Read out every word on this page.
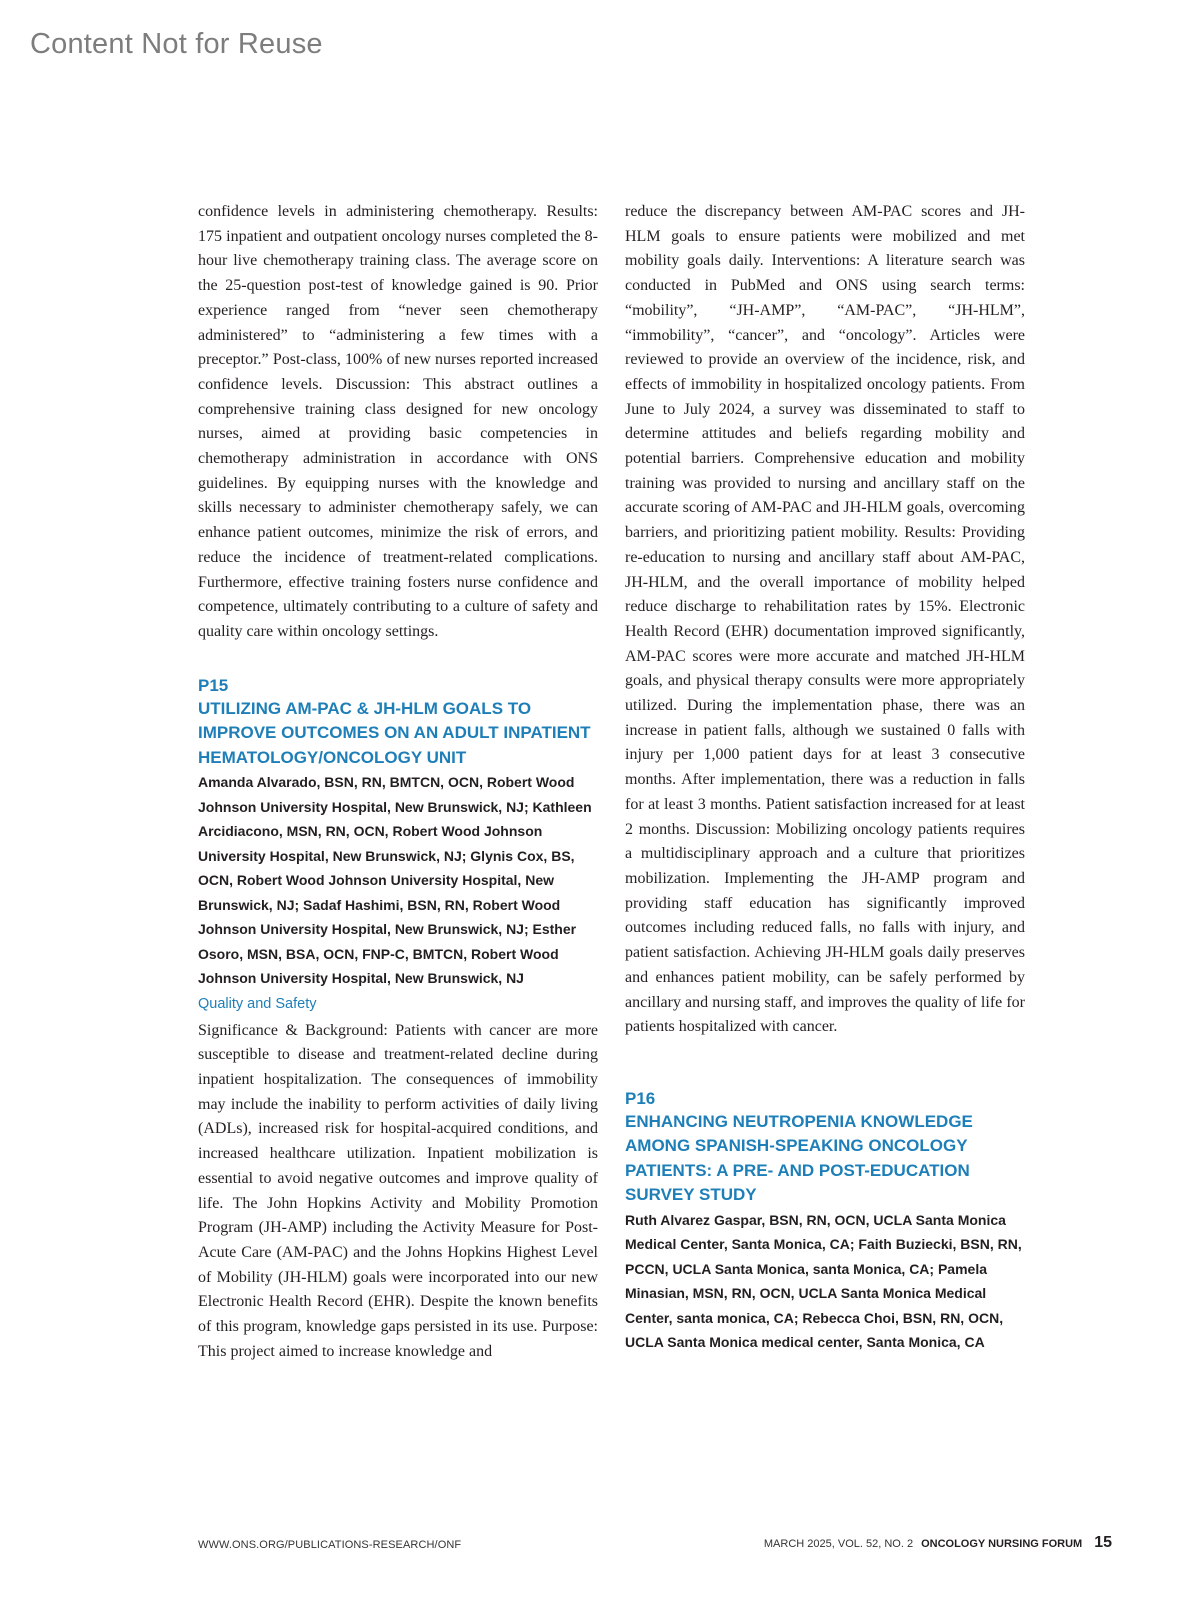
Content Not for Reuse

confidence levels in administering chemotherapy. Results: 175 inpatient and outpatient oncology nurses completed the 8-hour live chemotherapy training class. The average score on the 25-question post-test of knowledge gained is 90. Prior experience ranged from “never seen chemotherapy administered” to “administering a few times with a preceptor.” Post-class, 100% of new nurses reported increased confidence levels. Discussion: This abstract outlines a comprehensive training class designed for new oncology nurses, aimed at providing basic competencies in chemotherapy administration in accordance with ONS guidelines. By equipping nurses with the knowledge and skills necessary to administer chemotherapy safely, we can enhance patient outcomes, minimize the risk of errors, and reduce the incidence of treatment-related complications. Furthermore, effective training fosters nurse confidence and competence, ultimately contributing to a culture of safety and quality care within oncology settings.

P15

UTILIZING AM-PAC & JH-HLM GOALS TO IMPROVE OUTCOMES ON AN ADULT INPATIENT HEMATOLOGY/ONCOLOGY UNIT

Amanda Alvarado, BSN, RN, BMTCN, OCN, Robert Wood Johnson University Hospital, New Brunswick, NJ; Kathleen Arcidiacono, MSN, RN, OCN, Robert Wood Johnson University Hospital, New Brunswick, NJ; Glynis Cox, BS, OCN, Robert Wood Johnson University Hospital, New Brunswick, NJ; Sadaf Hashimi, BSN, RN, Robert Wood Johnson University Hospital, New Brunswick, NJ; Esther Osoro, MSN, BSA, OCN, FNP-C, BMTCN, Robert Wood Johnson University Hospital, New Brunswick, NJ

Quality and Safety

Significance & Background: Patients with cancer are more susceptible to disease and treatment-related decline during inpatient hospitalization. The consequences of immobility may include the inability to perform activities of daily living (ADLs), increased risk for hospital-acquired conditions, and increased healthcare utilization. Inpatient mobilization is essential to avoid negative outcomes and improve quality of life. The John Hopkins Activity and Mobility Promotion Program (JH-AMP) including the Activity Measure for Post-Acute Care (AM-PAC) and the Johns Hopkins Highest Level of Mobility (JH-HLM) goals were incorporated into our new Electronic Health Record (EHR). Despite the known benefits of this program, knowledge gaps persisted in its use. Purpose: This project aimed to increase knowledge and

reduce the discrepancy between AM-PAC scores and JH-HLM goals to ensure patients were mobilized and met mobility goals daily. Interventions: A literature search was conducted in PubMed and ONS using search terms: “mobility”, “JH-AMP”, “AM-PAC”, “JH-HLM”, “immobility”, “cancer”, and “oncology”. Articles were reviewed to provide an overview of the incidence, risk, and effects of immobility in hospitalized oncology patients. From June to July 2024, a survey was disseminated to staff to determine attitudes and beliefs regarding mobility and potential barriers. Comprehensive education and mobility training was provided to nursing and ancillary staff on the accurate scoring of AM-PAC and JH-HLM goals, overcoming barriers, and prioritizing patient mobility. Results: Providing re-education to nursing and ancillary staff about AM-PAC, JH-HLM, and the overall importance of mobility helped reduce discharge to rehabilitation rates by 15%. Electronic Health Record (EHR) documentation improved significantly, AM-PAC scores were more accurate and matched JH-HLM goals, and physical therapy consults were more appropriately utilized. During the implementation phase, there was an increase in patient falls, although we sustained 0 falls with injury per 1,000 patient days for at least 3 consecutive months. After implementation, there was a reduction in falls for at least 3 months. Patient satisfaction increased for at least 2 months. Discussion: Mobilizing oncology patients requires a multidisciplinary approach and a culture that prioritizes mobilization. Implementing the JH-AMP program and providing staff education has significantly improved outcomes including reduced falls, no falls with injury, and patient satisfaction. Achieving JH-HLM goals daily preserves and enhances patient mobility, can be safely performed by ancillary and nursing staff, and improves the quality of life for patients hospitalized with cancer.

P16

ENHANCING NEUTROPENIA KNOWLEDGE AMONG SPANISH-SPEAKING ONCOLOGY PATIENTS: A PRE- AND POST-EDUCATION SURVEY STUDY

Ruth Alvarez Gaspar, BSN, RN, OCN, UCLA Santa Monica Medical Center, Santa Monica, CA; Faith Buziecki, BSN, RN, PCCN, UCLA Santa Monica, santa Monica, CA; Pamela Minasian, MSN, RN, OCN, UCLA Santa Monica Medical Center, santa monica, CA; Rebecca Choi, BSN, RN, OCN, UCLA Santa Monica medical center, Santa Monica, CA

WWW.ONS.ORG/PUBLICATIONS-RESEARCH/ONF	MARCH 2025, VOL. 52, NO. 2 ONCOLOGY NURSING FORUM 15
